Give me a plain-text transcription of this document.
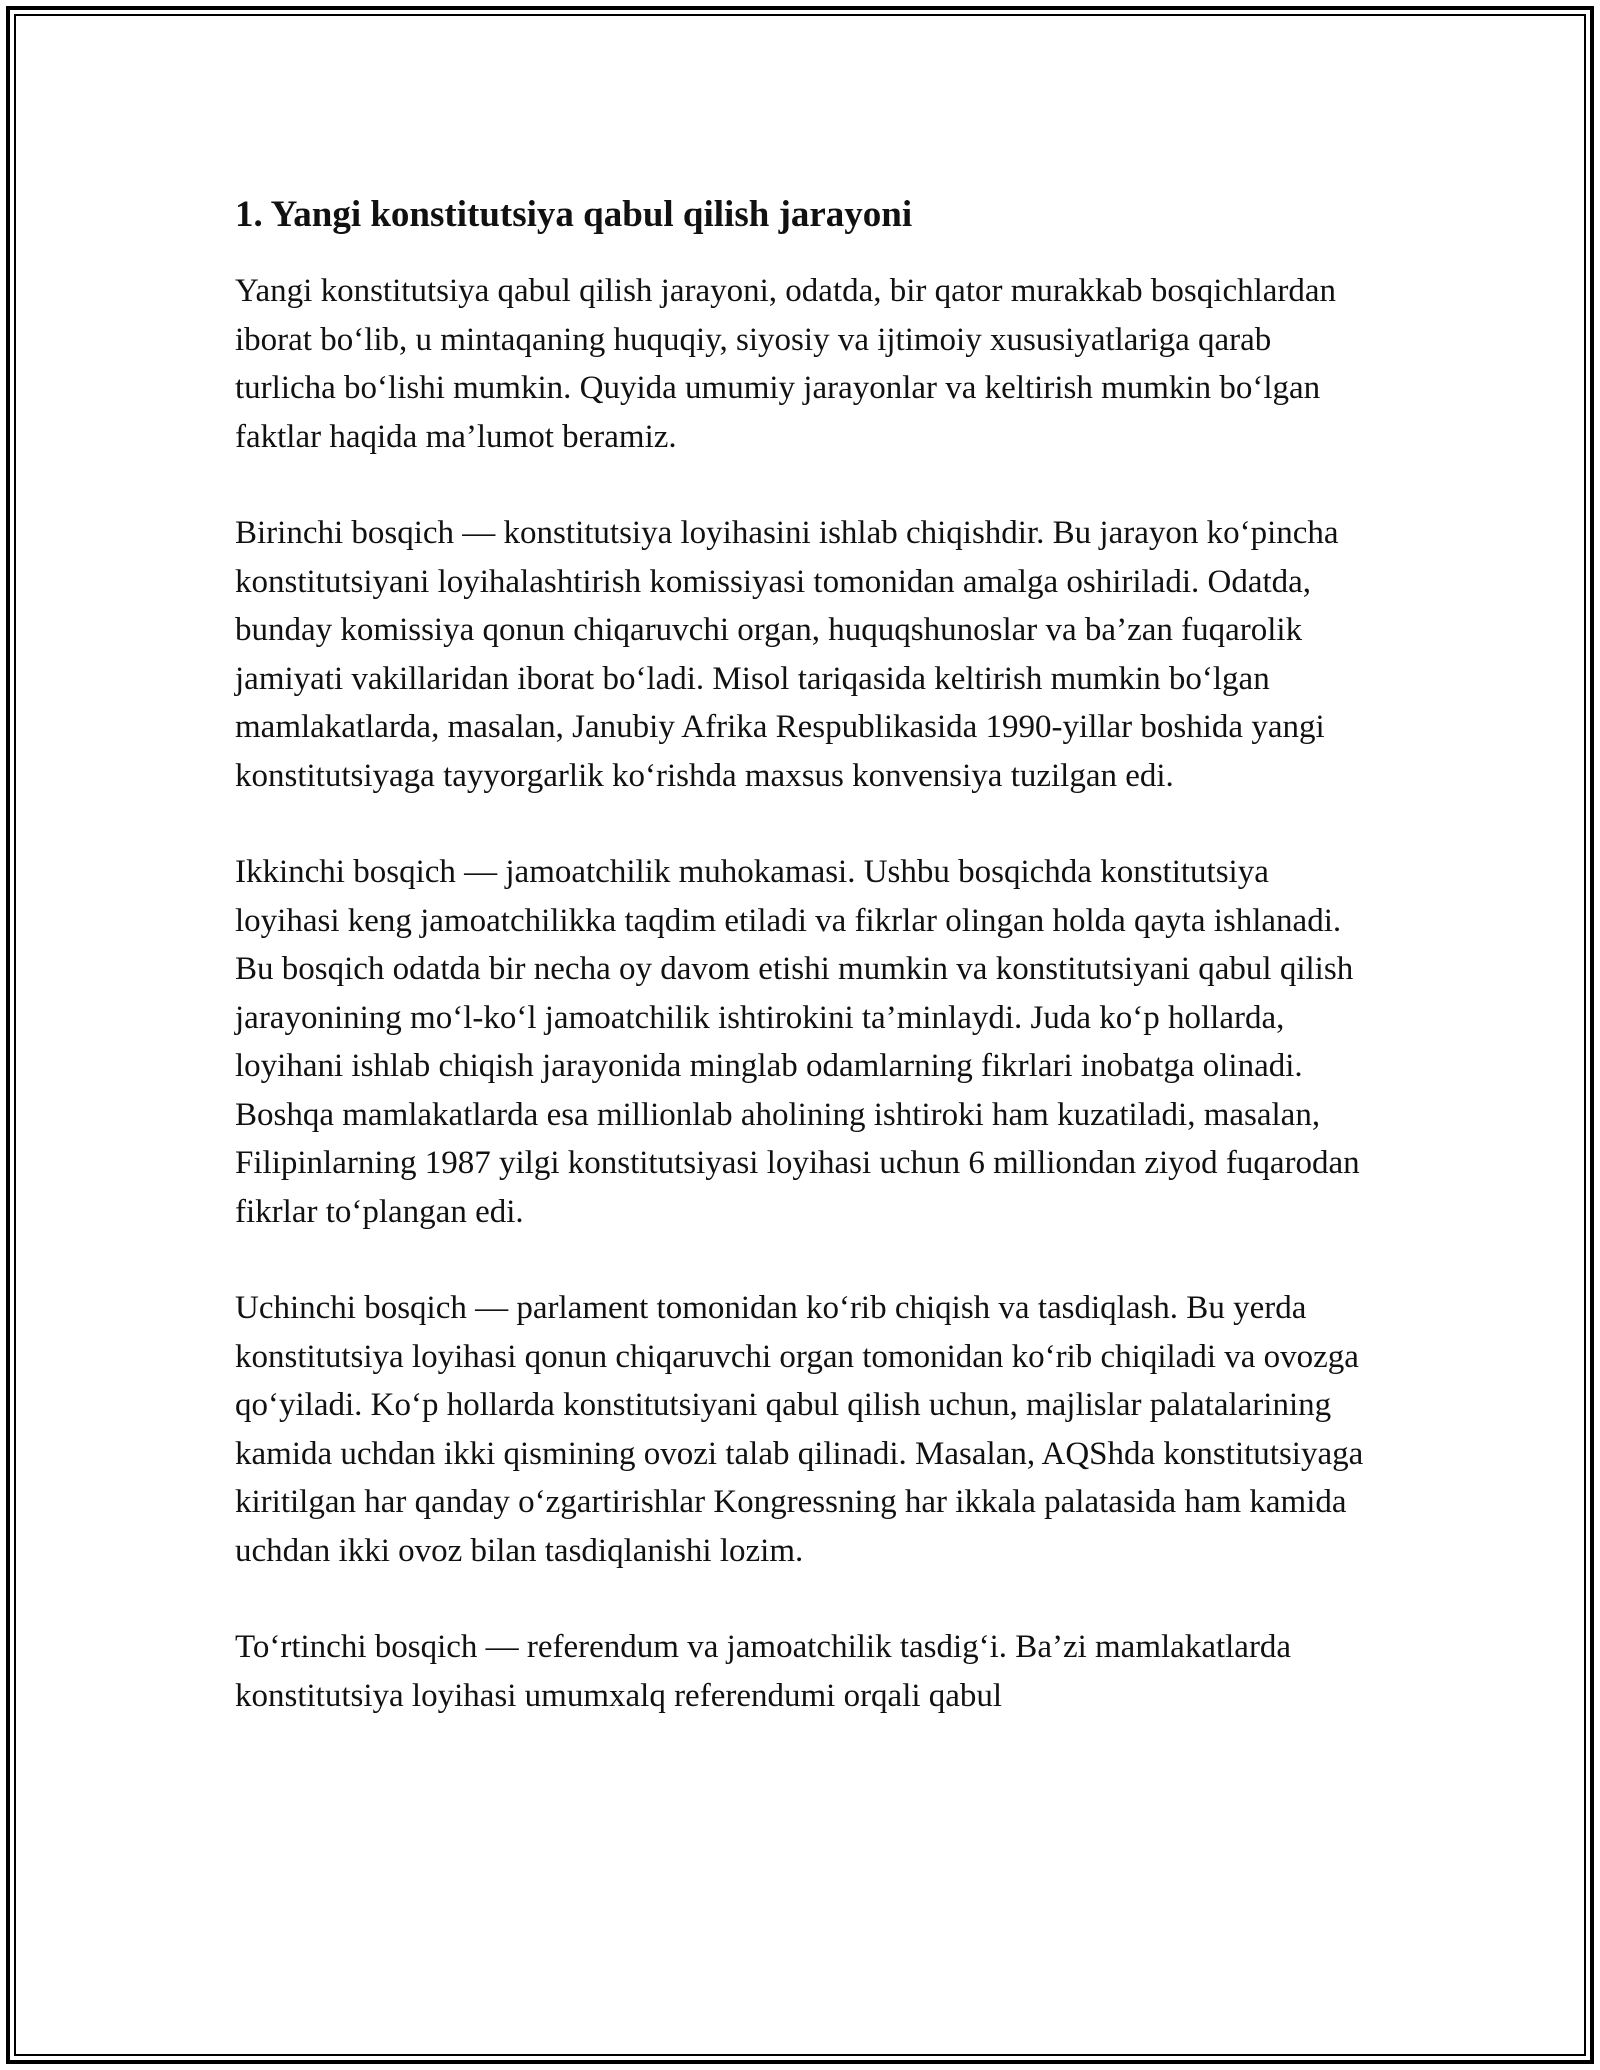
1. Yangi konstitutsiya qabul qilish jarayoni

Yangi konstitutsiya qabul qilish jarayoni, odatda, bir qator murakkab bosqichlardan iborat bo‘lib, u mintaqaning huquqiy, siyosiy va ijtimoiy xususiyatlariga qarab turlicha bo‘lishi mumkin. Quyida umumiy jarayonlar va keltirish mumkin bo‘lgan faktlar haqida ma’lumot beramiz.

Birinchi bosqich — konstitutsiya loyihasini ishlab chiqishdir. Bu jarayon ko‘pincha konstitutsiyani loyihalashtirish komissiyasi tomonidan amalga oshiriladi. Odatda, bunday komissiya qonun chiqaruvchi organ, huquqshunoslar va ba’zan fuqarolik jamiyati vakillaridan iborat bo‘ladi. Misol tariqasida keltirish mumkin bo‘lgan mamlakatlarda, masalan, Janubiy Afrika Respublikasida 1990-yillar boshida yangi konstitutsiyaga tayyorgarlik ko‘rishda maxsus konvensiya tuzilgan edi.

Ikkinchi bosqich — jamoatchilik muhokamasi. Ushbu bosqichda konstitutsiya loyihasi keng jamoatchilikka taqdim etiladi va fikrlar olingan holda qayta ishlanadi. Bu bosqich odatda bir necha oy davom etishi mumkin va konstitutsiyani qabul qilish jarayonining mo‘l-ko‘l jamoatchilik ishtirokini ta’minlaydi. Juda ko‘p hollarda, loyihani ishlab chiqish jarayonida minglab odamlarning fikrlari inobatga olinadi. Boshqa mamlakatlarda esa millionlab aholining ishtiroki ham kuzatiladi, masalan, Filipinlarning 1987 yilgi konstitutsiyasi loyihasi uchun 6 milliondan ziyod fuqarodan fikrlar to‘plangan edi.

Uchinchi bosqich — parlament tomonidan ko‘rib chiqish va tasdiqlash. Bu yerda konstitutsiya loyihasi qonun chiqaruvchi organ tomonidan ko‘rib chiqiladi va ovozga qo‘yiladi. Ko‘p hollarda konstitutsiyani qabul qilish uchun, majlislar palatalarining kamida uchdan ikki qismining ovozi talab qilinadi. Masalan, AQShda konstitutsiyaga kiritilgan har qanday o‘zgartirishlar Kongressning har ikkala palatasida ham kamida uchdan ikki ovoz bilan tasdiqlanishi lozim.

To‘rtinchi bosqich — referendum va jamoatchilik tasdig‘i. Ba’zi mamlakatlarda konstitutsiya loyihasi umumxalq referendumi orqali qabul
